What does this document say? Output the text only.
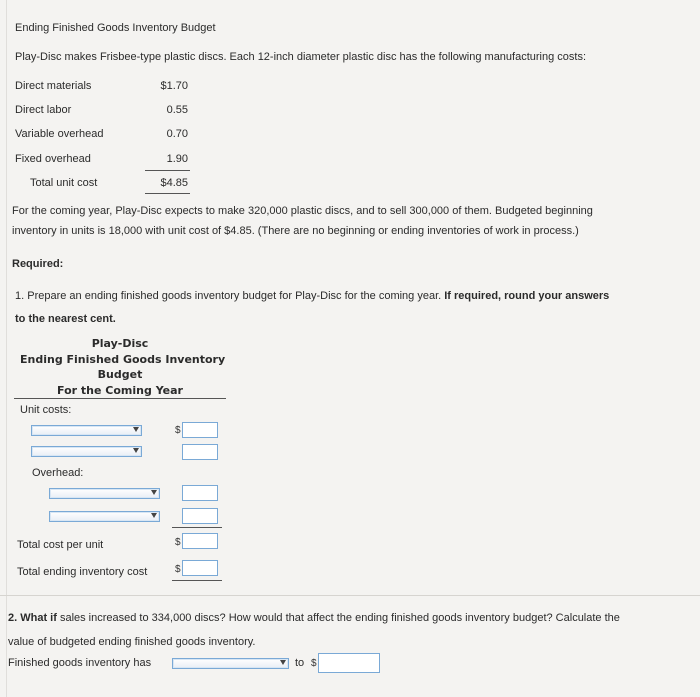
Ending Finished Goods Inventory Budget
Play-Disc makes Frisbee-type plastic discs. Each 12-inch diameter plastic disc has the following manufacturing costs:
Direct materials	$1.70
Direct labor	0.55
Variable overhead	0.70
Fixed overhead	1.90
Total unit cost	$4.85
For the coming year, Play-Disc expects to make 320,000 plastic discs, and to sell 300,000 of them. Budgeted beginning
inventory in units is 18,000 with unit cost of $4.85. (There are no beginning or ending inventories of work in process.)
Required:
1. Prepare an ending finished goods inventory budget for Play-Disc for the coming year. If required, round your answers
to the nearest cent.
Play-Disc
Ending Finished Goods Inventory
Budget
For the Coming Year
Unit costs:
$
Overhead:
Total cost per unit	$
Total ending inventory cost	$
2. What if sales increased to 334,000 discs? How would that affect the ending finished goods inventory budget? Calculate the
value of budgeted ending finished goods inventory.
Finished goods inventory has	to $
